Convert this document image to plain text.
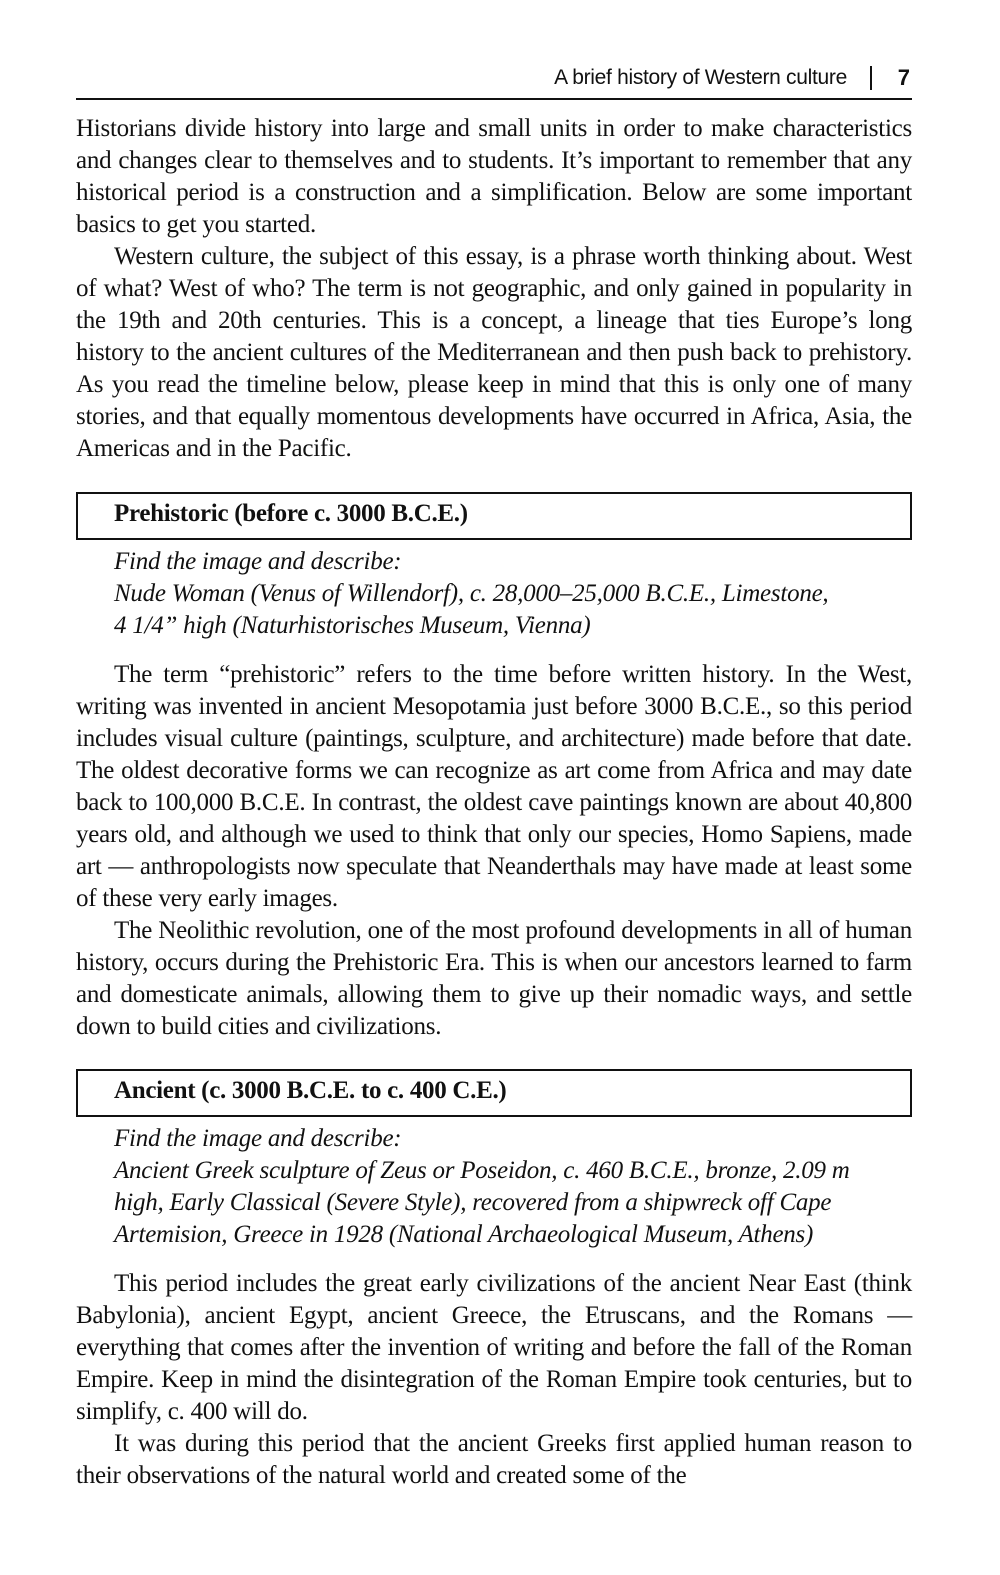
A brief history of Western culture 7

Historians divide history into large and small units in order to make characteristics and changes clear to themselves and to students. It’s important to remember that any historical period is a construction and a simplification. Below are some important basics to get you started.

Western culture, the subject of this essay, is a phrase worth thinking about. West of what? West of who? The term is not geographic, and only gained in popularity in the 19th and 20th centuries. This is a concept, a lineage that ties Europe’s long history to the ancient cultures of the Mediterranean and then push back to prehistory. As you read the timeline below, please keep in mind that this is only one of many stories, and that equally momentous developments have occurred in Africa, Asia, the Americas and in the Pacific.

Prehistoric (before c. 3000 B.C.E.)
Find the image and describe:
Nude Woman (Venus of Willendorf), c. 28,000–25,000 B.C.E., Limestone,
4 1/4” high (Naturhistorisches Museum, Vienna)

The term “prehistoric” refers to the time before written history. In the West, writing was invented in ancient Mesopotamia just before 3000 B.C.E., so this period includes visual culture (paintings, sculpture, and architecture) made before that date. The oldest decorative forms we can recognize as art come from Africa and may date back to 100,000 B.C.E. In contrast, the oldest cave paintings known are about 40,800 years old, and although we used to think that only our species, Homo Sapiens, made art — anthropologists now speculate that Neanderthals may have made at least some of these very early images.

The Neolithic revolution, one of the most profound developments in all of human history, occurs during the Prehistoric Era. This is when our ancestors learned to farm and domesticate animals, allowing them to give up their nomadic ways, and settle down to build cities and civilizations.

Ancient (c. 3000 B.C.E. to c. 400 C.E.)
Find the image and describe:
Ancient Greek sculpture of Zeus or Poseidon, c. 460 B.C.E., bronze, 2.09 m
high, Early Classical (Severe Style), recovered from a shipwreck off Cape
Artemision, Greece in 1928 (National Archaeological Museum, Athens)

This period includes the great early civilizations of the ancient Near East (think Babylonia), ancient Egypt, ancient Greece, the Etruscans, and the Romans — everything that comes after the invention of writing and before the fall of the Roman Empire. Keep in mind the disintegration of the Roman Empire took centuries, but to simplify, c. 400 will do.

It was during this period that the ancient Greeks first applied human reason to their observations of the natural world and created some of the
